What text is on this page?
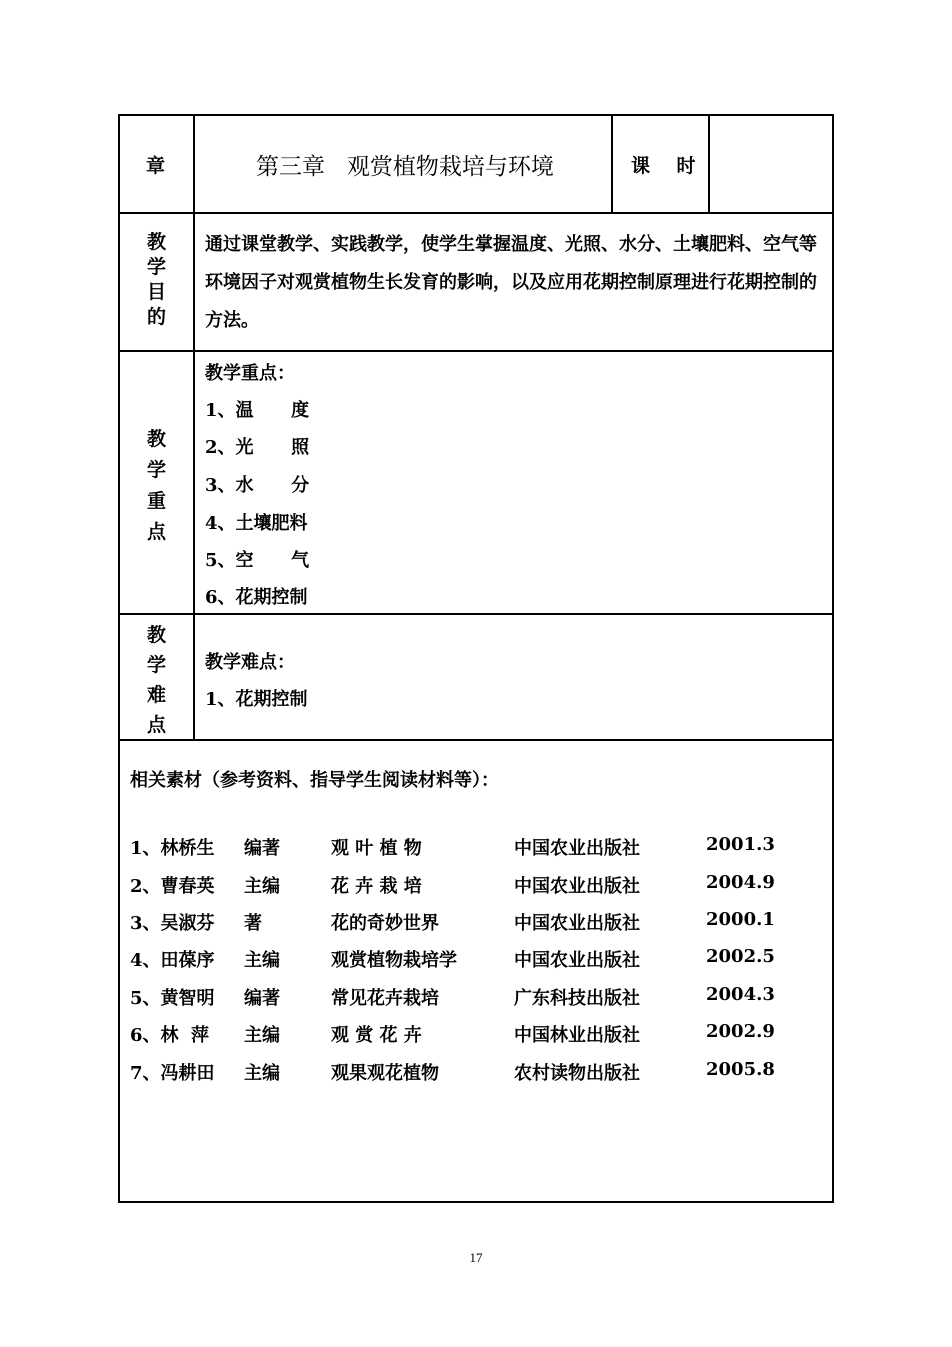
章	第三章   观赏植物栽培与环境	课    时
教
学
目
的
通过课堂教学、实践教学，使学生掌握温度、光照、水分、土壤肥料、空气等环境因子对观赏植物生长发育的影响，以及应用花期控制原理进行花期控制的方法。
教
学
重
点
教学重点：
1、温      度
2、光      照
3、水      分
4、土壤肥料
5、空      气
6、花期控制
教
学
难
点
教学难点：
1、花期控制
相关素材（参考资料、指导学生阅读材料等）：
1、林桥生 编著	观 叶 植 物	中国农业出版社	2001.3
2、曹春英 主编	花 卉 栽 培	中国农业出版社	2004.9
3、吴淑芬 著	花的奇妙世界	中国农业出版社	2000.1
4、田葆序 主编	观赏植物栽培学	中国农业出版社	2002.5
5、黄智明 编著	常见花卉栽培	广东科技出版社	2004.3
6、林  萍 主编	观 赏 花 卉	中国林业出版社	2002.9
7、冯耕田 主编	观果观花植物	农村读物出版社	2005.8
17
